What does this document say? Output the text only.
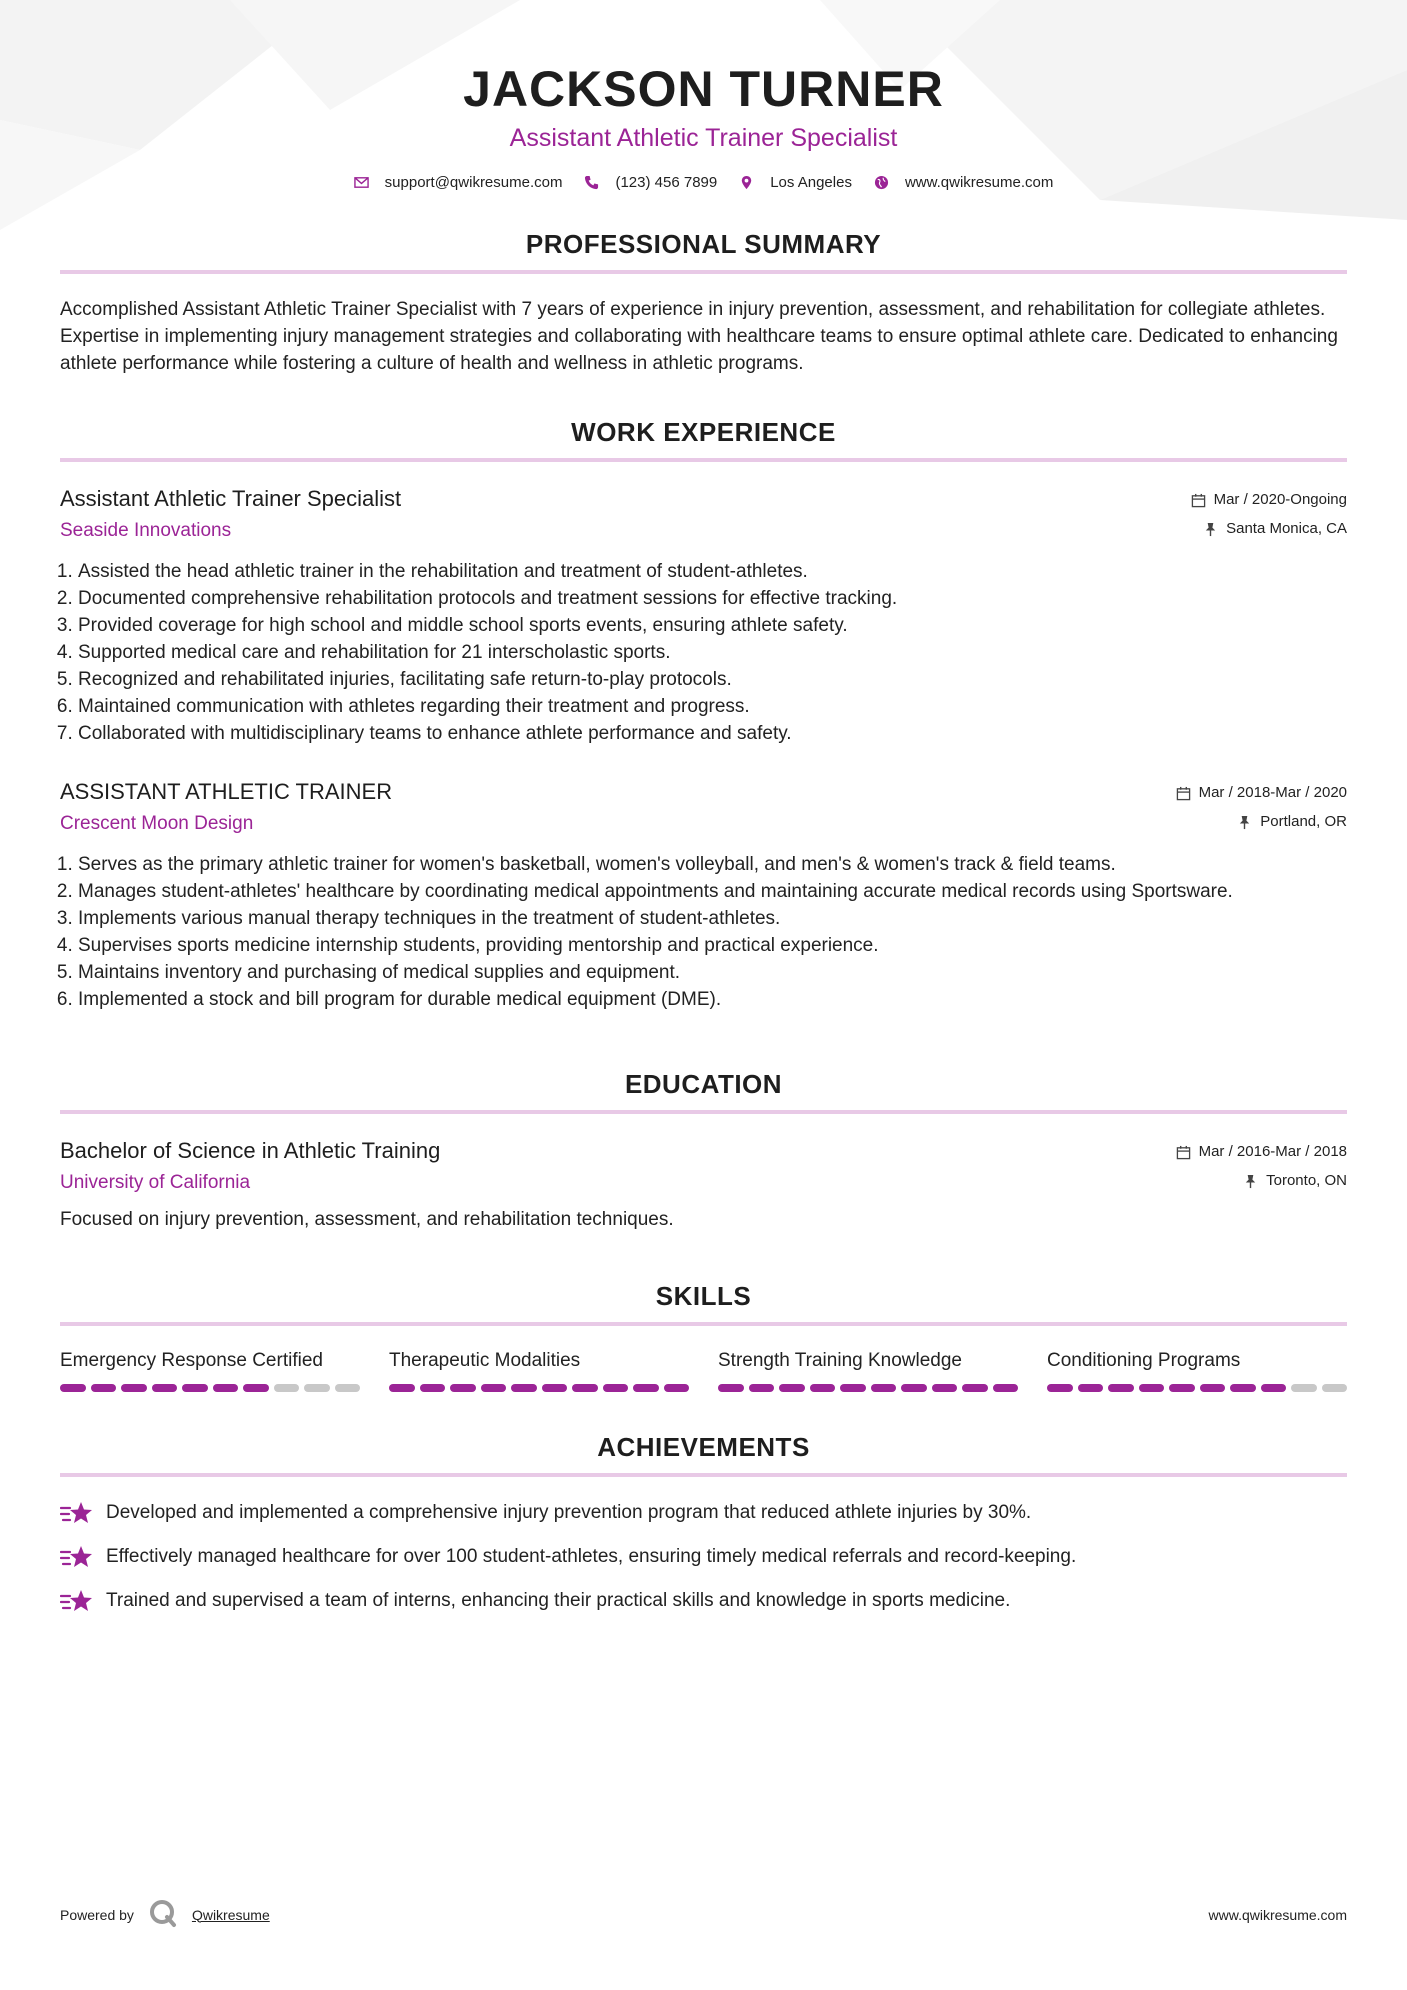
JACKSON TURNER
Assistant Athletic Trainer Specialist
support@qwikresume.com	(123) 456 7899	Los Angeles	www.qwikresume.com
PROFESSIONAL SUMMARY

Accomplished Assistant Athletic Trainer Specialist with 7 years of experience in injury prevention, assessment, and rehabilitation for collegiate athletes. Expertise in implementing injury management strategies and collaborating with healthcare teams to ensure optimal athlete care. Dedicated to enhancing athlete performance while fostering a culture of health and wellness in athletic programs.

WORK EXPERIENCE
Assistant Athletic Trainer Specialist
Seaside Innovations
Mar / 2020-Ongoing
Santa Monica, CA
1. Assisted the head athletic trainer in the rehabilitation and treatment of student-athletes.
2. Documented comprehensive rehabilitation protocols and treatment sessions for effective tracking.
3. Provided coverage for high school and middle school sports events, ensuring athlete safety.
4. Supported medical care and rehabilitation for 21 interscholastic sports.
5. Recognized and rehabilitated injuries, facilitating safe return-to-play protocols.
6. Maintained communication with athletes regarding their treatment and progress.
7. Collaborated with multidisciplinary teams to enhance athlete performance and safety.
ASSISTANT ATHLETIC TRAINER
Crescent Moon Design
Mar / 2018-Mar / 2020
Portland, OR
1. Serves as the primary athletic trainer for women's basketball, women's volleyball, and men's & women's track & field teams.
2. Manages student-athletes' healthcare by coordinating medical appointments and maintaining accurate medical records using Sportsware.
3. Implements various manual therapy techniques in the treatment of student-athletes.
4. Supervises sports medicine internship students, providing mentorship and practical experience.
5. Maintains inventory and purchasing of medical supplies and equipment.
6. Implemented a stock and bill program for durable medical equipment (DME).
EDUCATION
Bachelor of Science in Athletic Training
University of California
Mar / 2016-Mar / 2018
Toronto, ON
Focused on injury prevention, assessment, and rehabilitation techniques.
SKILLS
Emergency Response Certified	Therapeutic Modalities	Strength Training Knowledge	Conditioning Programs
ACHIEVEMENTS
Developed and implemented a comprehensive injury prevention program that reduced athlete injuries by 30%.
Effectively managed healthcare for over 100 student-athletes, ensuring timely medical referrals and record-keeping.
Trained and supervised a team of interns, enhancing their practical skills and knowledge in sports medicine.
Powered by	Qwikresume	www.qwikresume.com
